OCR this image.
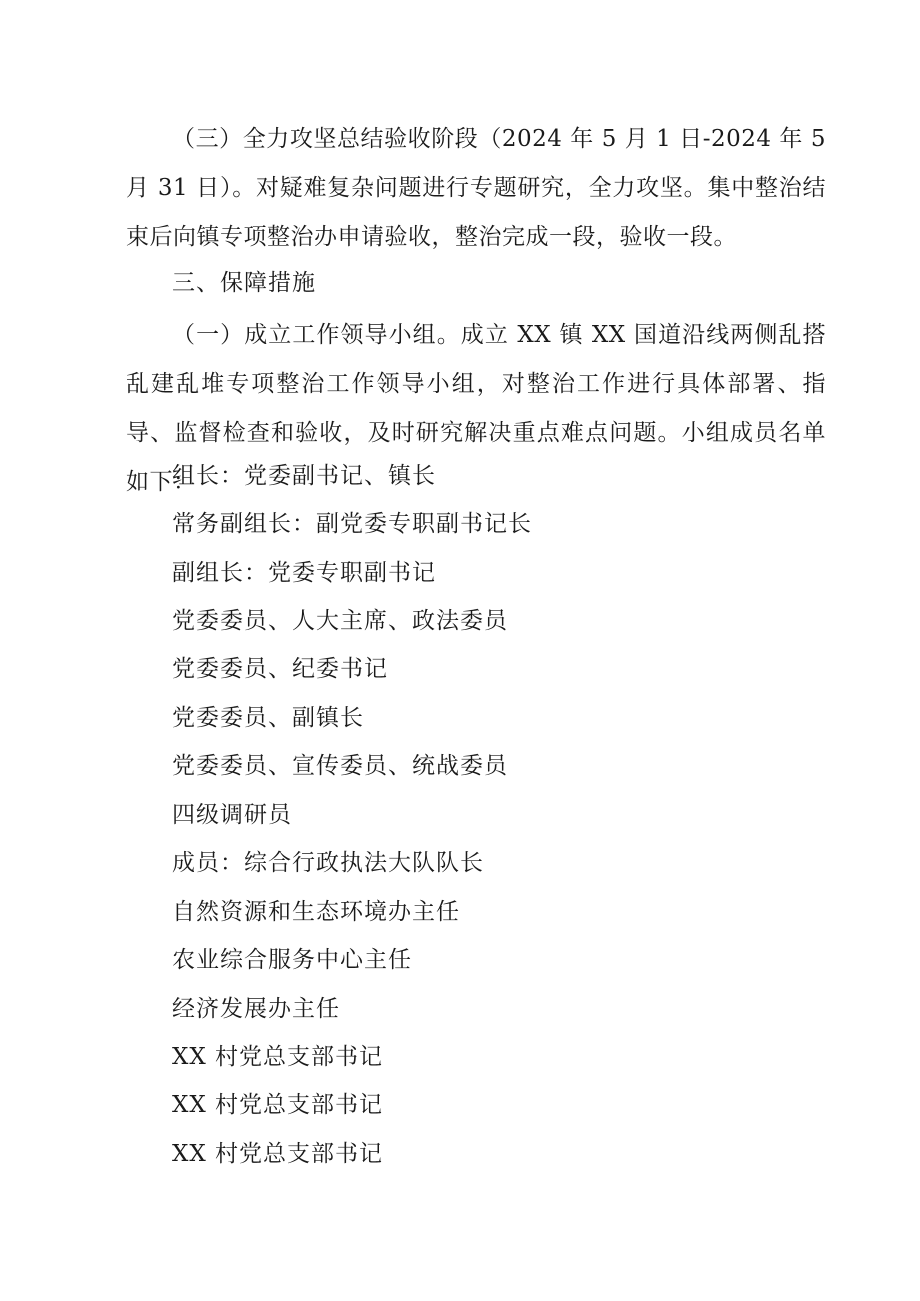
（三）全力攻坚总结验收阶段（2024 年 5 月 1 日-2024 年 5 月 31 日）。对疑难复杂问题进行专题研究，全力攻坚。集中整治结束后向镇专项整治办申请验收，整治完成一段，验收一段。

三、保障措施

（一）成立工作领导小组。成立 XX 镇 XX 国道沿线两侧乱搭乱建乱堆专项整治工作领导小组，对整治工作进行具体部署、指导、监督检查和验收，及时研究解决重点难点问题。小组成员名单如下：

组长：党委副书记、镇长

常务副组长：副党委专职副书记长

副组长：党委专职副书记

党委委员、人大主席、政法委员

党委委员、纪委书记

党委委员、副镇长

党委委员、宣传委员、统战委员

四级调研员

成员：综合行政执法大队队长

自然资源和生态环境办主任

农业综合服务中心主任

经济发展办主任

XX 村党总支部书记

XX 村党总支部书记

XX 村党总支部书记
